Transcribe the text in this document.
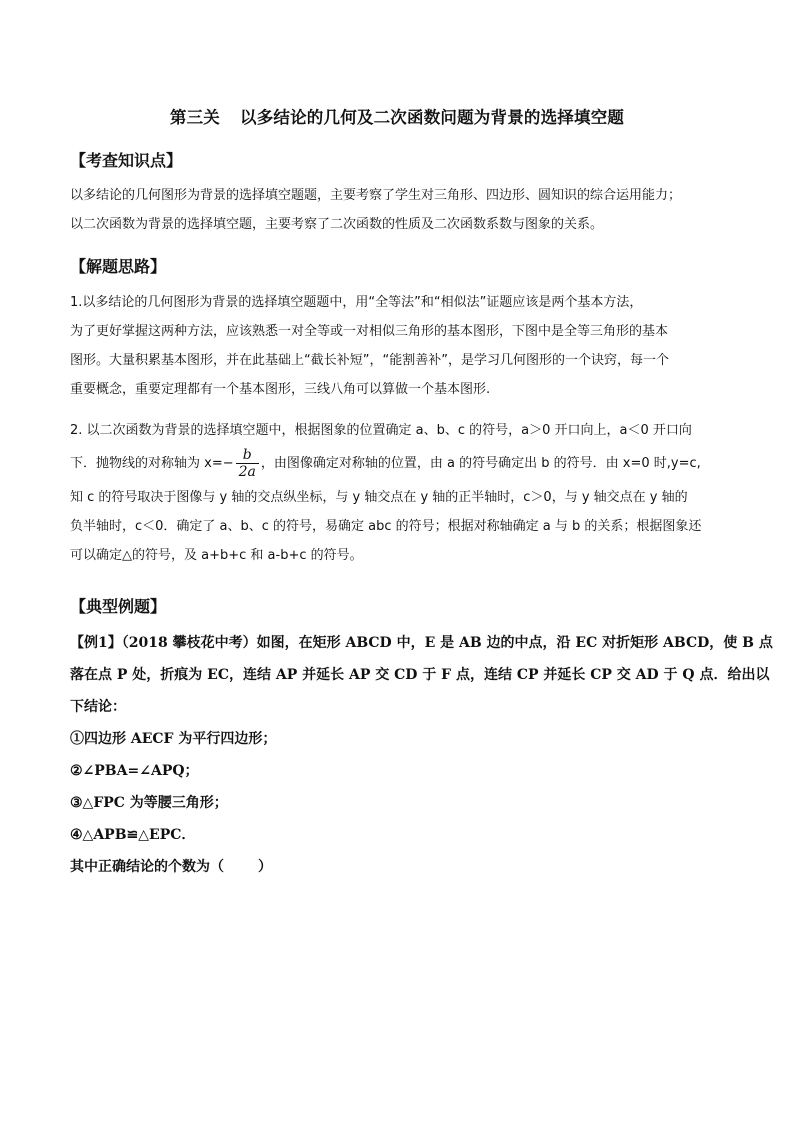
第三关 以多结论的几何及二次函数问题为背景的选择填空题
【考查知识点】
以多结论的几何图形为背景的选择填空题题，主要考察了学生对三角形、四边形、圆知识的综合运用能力；
以二次函数为背景的选择填空题，主要考察了二次函数的性质及二次函数系数与图象的关系。
【解题思路】
1.以多结论的几何图形为背景的选择填空题题中，用“全等法”和“相似法”证题应该是两个基本方法，
为了更好掌握这两种方法，应该熟悉一对全等或一对相似三角形的基本图形，下图中是全等三角形的基本
图形。大量积累基本图形，并在此基础上“截长补短”，“能割善补”，是学习几何图形的一个诀窍，每一个
重要概念，重要定理都有一个基本图形，三线八角可以算做一个基本图形.
2. 以二次函数为背景的选择填空题中，根据图象的位置确定 a、b、c 的符号，a＞0 开口向上，a＜0 开口向
下．抛物线的对称轴为 $x=- \frac{b}{2a}$ ，由图像确定对称轴的位置，由 a 的符号确定出 b 的符号．由 x=0 时,y=c,
知 c 的符号取决于图像与 y 轴的交点纵坐标，与 y 轴交点在 y 轴的正半轴时，c＞0，与 y 轴交点在 y 轴的
负半轴时，c＜0．确定了 a、b、c 的符号，易确定 abc 的符号；根据对称轴确定 a 与 b 的关系；根据图象还
可以确定△的符号，及 a+b+c 和 a-b+c 的符号。
【典型例题】
【例1】（2018 攀枝花中考）如图，在矩形 ABCD 中，E 是 AB 边的中点，沿 EC 对折矩形 ABCD，使 B 点
落在点 P 处，折痕为 EC，连结 AP 并延长 AP 交 CD 于 F 点，连结 CP 并延长 CP 交 AD 于 Q 点．给出以
下结论：
①四边形 AECF 为平行四边形；
②∠PBA=∠APQ；
③△FPC 为等腰三角形；
④△APB≌△EPC．
其中正确结论的个数为（ ）
